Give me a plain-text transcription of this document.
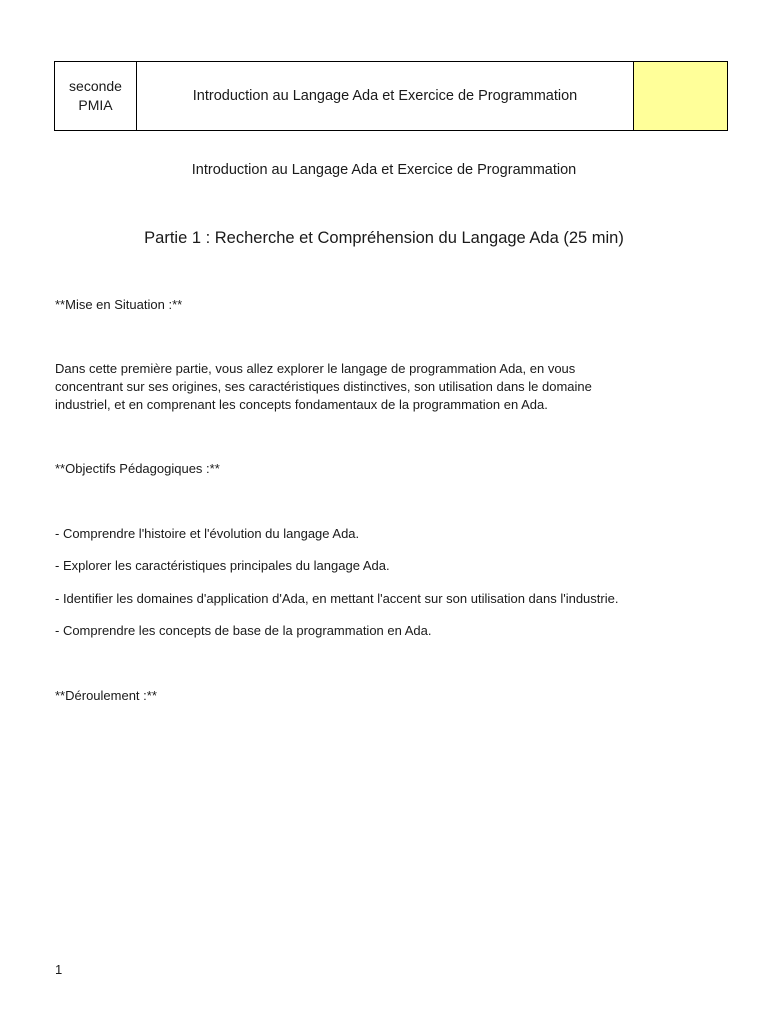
seconde
PMIA
Introduction au Langage Ada et Exercice de Programmation
Introduction au Langage Ada et Exercice de Programmation
Partie 1 : Recherche et Compréhension du Langage Ada (25 min)

**Mise en Situation :**

Dans cette première partie, vous allez explorer le langage de programmation Ada, en vous
concentrant sur ses origines, ses caractéristiques distinctives, son utilisation dans le domaine
industriel, et en comprenant les concepts fondamentaux de la programmation en Ada.

**Objectifs Pédagogiques :**

- Comprendre l'histoire et l'évolution du langage Ada.

- Explorer les caractéristiques principales du langage Ada.

- Identifier les domaines d'application d'Ada, en mettant l'accent sur son utilisation dans l'industrie.

- Comprendre les concepts de base de la programmation en Ada.

**Déroulement :**

1
